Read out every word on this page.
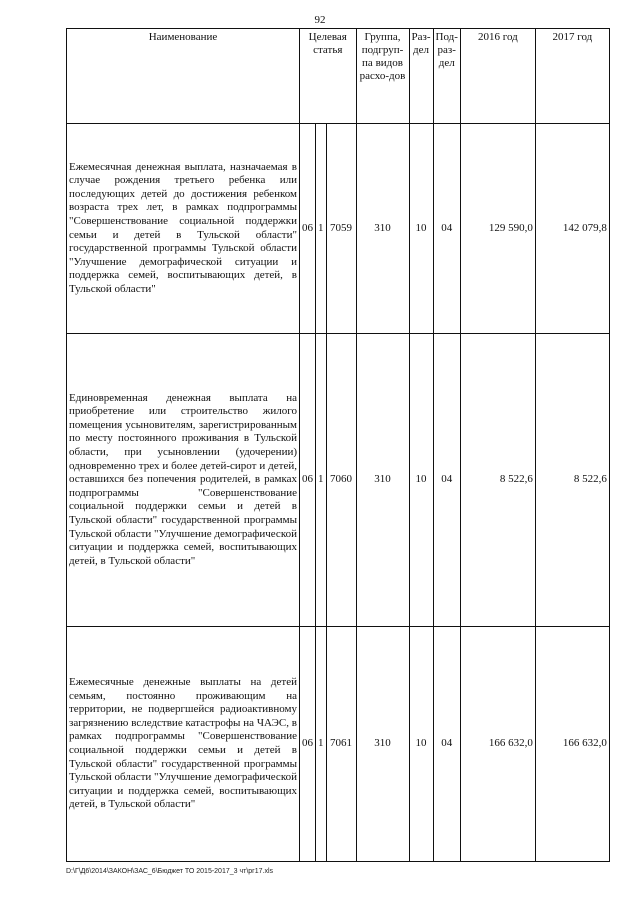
92
Наименование	Целевая статья			Группа, подгруп-па видов расхо-дов	Раз-дел	Под-раз-дел	2016 год	2017 год
Ежемесячная денежная выплата, назначаемая в случае рождения третьего ребенка или последующих детей до достижения ребенком возраста трех лет, в рамках подпрограммы "Совершенствование социальной поддержки семьи и детей в Тульской области" государственной программы Тульской области "Улучшение демографической ситуации и поддержка семей, воспитывающих детей, в Тульской области"	06	1	7059	310	10	04	129 590,0	142 079,8
Единовременная денежная выплата на приобретение или строительство жилого помещения усыновителям, зарегистрированным по месту постоянного проживания в Тульской области, при усыновлении (удочерении) одновременно трех и более детей-сирот и детей, оставшихся без попечения родителей, в рамках подпрограммы "Совершенствование социальной поддержки семьи и детей в Тульской области" государственной программы Тульской области "Улучшение демографической ситуации и поддержка семей, воспитывающих детей, в Тульской области"	06	1	7060	310	10	04	8 522,6	8 522,6
Ежемесячные денежные выплаты на детей семьям, постоянно проживающим на территории, не подвергшейся радиоактивному загрязнению вследствие катастрофы на ЧАЭС, в рамках подпрограммы "Совершенствование социальной поддержки семьи и детей в Тульской области" государственной программы Тульской области "Улучшение демографической ситуации и поддержка семей, воспитывающих детей, в Тульской области"	06	1	7061	310	10	04	166 632,0	166 632,0
D:\Г\Д6\2014\ЗАКОН\ЗАС_6\Бюджет ТО 2015-2017_3 чт\рг17.xls
